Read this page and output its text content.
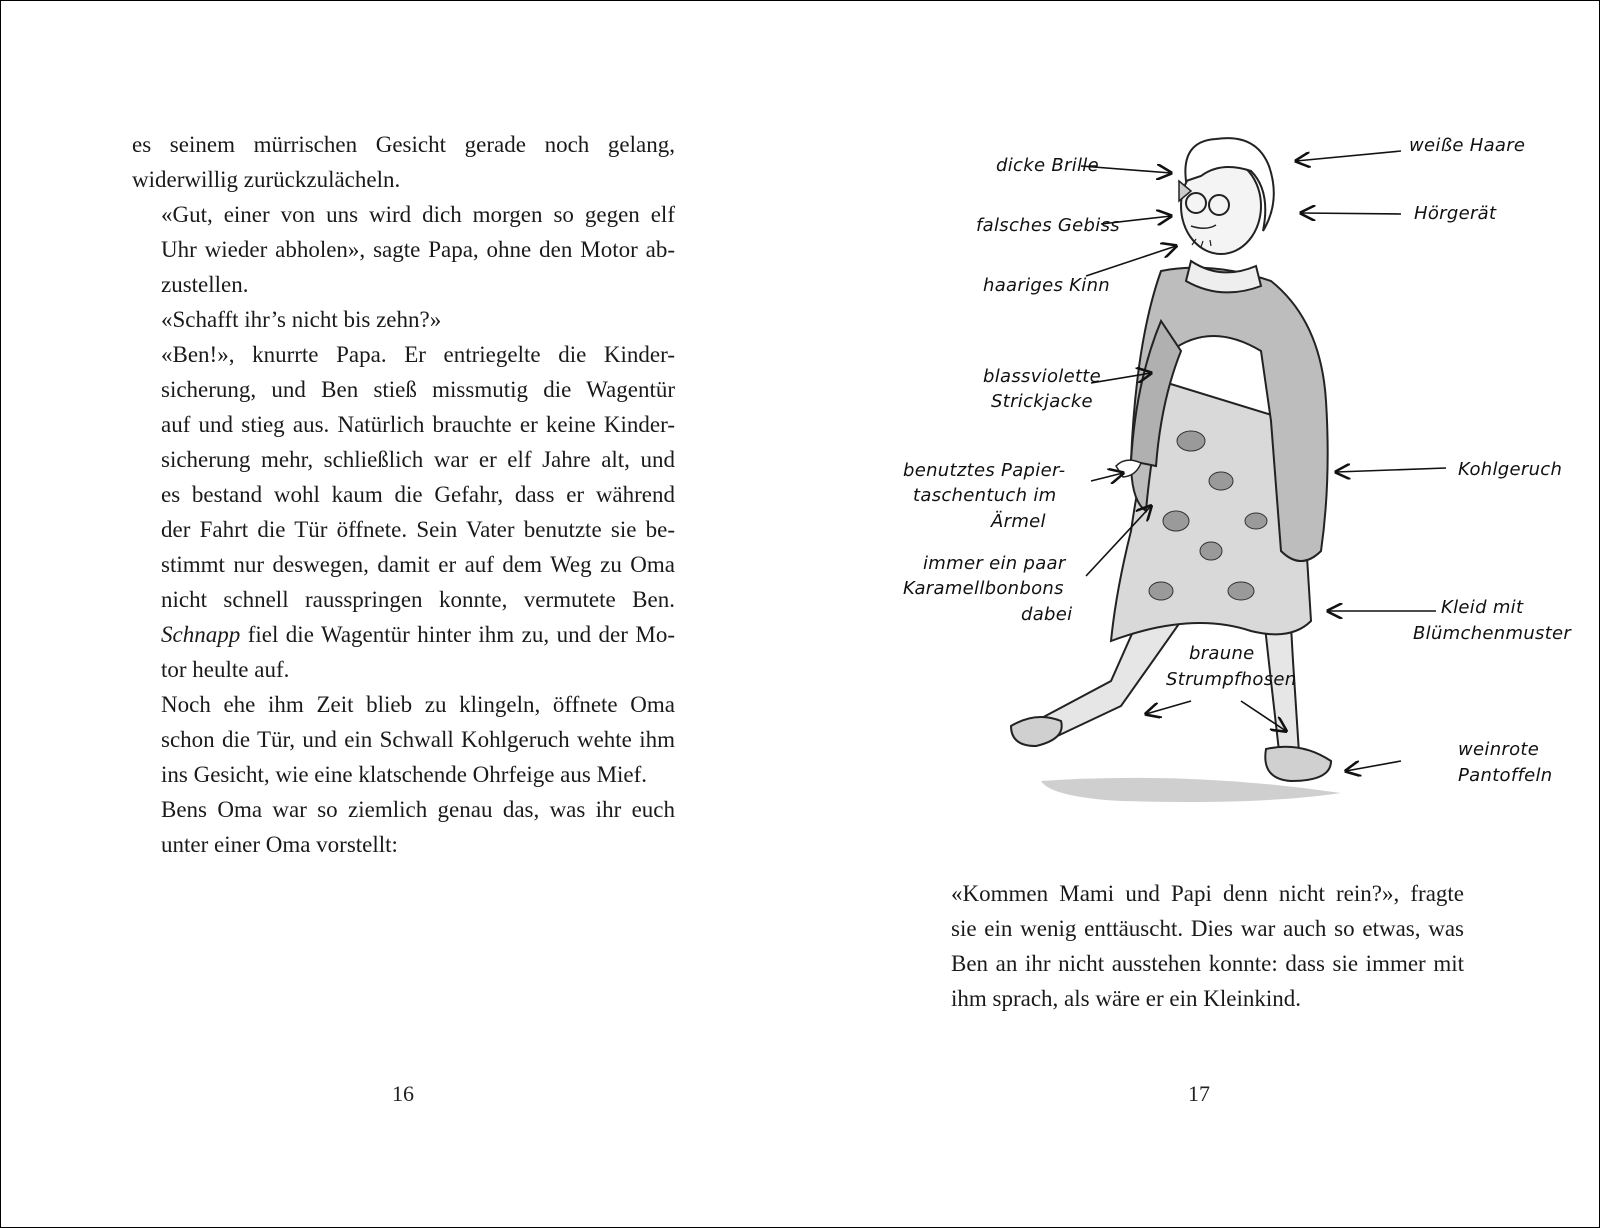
es seinem mürrischen Gesicht gerade noch gelang,
widerwillig zurückzulächeln.

«Gut, einer von uns wird dich morgen so gegen elf
Uhr wieder abholen», sagte Papa, ohne den Motor ab-
zustellen.

«Schafft ihr’s nicht bis zehn?»

«Ben!», knurrte Papa. Er entriegelte die Kinder-
sicherung, und Ben stieß missmutig die Wagentür
auf und stieg aus. Natürlich brauchte er keine Kinder-
sicherung mehr, schließlich war er elf Jahre alt, und
es bestand wohl kaum die Gefahr, dass er während
der Fahrt die Tür öffnete. Sein Vater benutzte sie be-
stimmt nur deswegen, damit er auf dem Weg zu Oma
nicht schnell rausspringen konnte, vermutete Ben.
Schnapp fiel die Wagentür hinter ihm zu, und der Mo-
tor heulte auf.

Noch ehe ihm Zeit blieb zu klingeln, öffnete Oma
schon die Tür, und ein Schwall Kohlgeruch wehte ihm
ins Gesicht, wie eine klatschende Ohrfeige aus Mief.

Bens Oma war so ziemlich genau das, was ihr euch
unter einer Oma vorstellt:

16
dicke Brille
falsches Gebiss
haariges Kinn
blassviolette
Strickjacke
benutztes Papier-
taschentuch im
Ärmel
immer ein paar
Karamellbonbons
dabei
braune
Strumpfhosen
weiße Haare
Hörgerät
Kohlgeruch
Kleid mit
Blümchenmuster
weinrote
Pantoffeln

«Kommen Mami und Papi denn nicht rein?», fragte
sie ein wenig enttäuscht. Dies war auch so etwas, was
Ben an ihr nicht ausstehen konnte: dass sie immer mit
ihm sprach, als wäre er ein Kleinkind.

17
